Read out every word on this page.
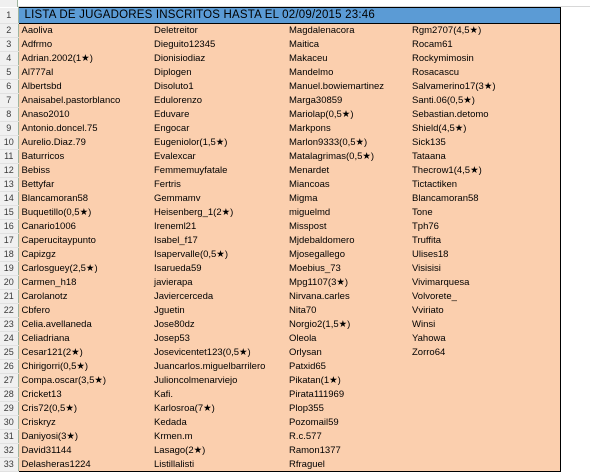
1	LISTA DE JUGADORES INSCRITOS HASTA EL 02/09/2015 23:46				
2	Aaoliva	Deletreitor	Magdalenacora	Rgm2707(4,5★)	
3	Adfrmo	Dieguito12345	Maitica	Rocam61	
4	Adrian.2002(1★)	Dionisiodiaz	Makaceu	Rockymimosin	
5	Al777al	Diplogen	Mandelmo	Rosacascu	
6	Albertsbd	Disoluto1	Manuel.bowiemartinez	Salvamerino17(3★)	
7	Anaisabel.pastorblanco	Edulorenzo	Marga30859	Santi.06(0,5★)	
8	Anaso2010	Eduvare	Mariolap(0,5★)	Sebastian.detomo	
9	Antonio.doncel.75	Engocar	Markpons	Shield(4,5★)	
10	Aurelio.Diaz.79	Eugeniolor(1,5★)	Marlon9333(0,5★)	Sick135	
11	Baturricos	Evalexcar	Matalagrimas(0,5★)	Tataana	
12	Bebiss	Femmemuyfatale	Menardet	Thecrow1(4,5★)	
13	Bettyfar	Fertris	Miancoas	Tictactiken	
14	Blancamoran58	Gemmamv	Migma	Blancamoran58	
15	Buquetillo(0,5★)	Heisenberg_1(2★)	miguelmd	Tone	
16	Canario1006	Ireneml21	Misspost	Tph76	
17	Caperucitaypunto	Isabel_f17	Mjdebaldomero	Truffita	
18	Capizgz	Isapervalle(0,5★)	Mjosegallego	Ulises18	
19	Carlosguey(2,5★)	Isarueda59	Moebius_73	Visisisi	
20	Carmen_h18	javierapa	Mpg1107(3★)	Vivimarquesa	
21	Carolanotz	Javiercerceda	Nirvana.carles	Volvorete_	
22	Cbfero	Jguetin	Nita70	Vviriato	
23	Celia.avellaneda	Jose80dz	Norgio2(1,5★)	Winsi	
24	Celiadriana	Josep53	Oleola	Yahowa	
25	Cesar121(2★)	Josevicentet123(0,5★)	Orlysan	Zorro64	
26	Chirigorri(0,5★)	Juancarlos.miguelbarrilero	Patxid65		
27	Compa.oscar(3,5★)	Julioncolmenarviejo	Pikatan(1★)		
28	Cricket13	Kafi.	Pirata111969		
29	Cris72(0,5★)	Karlosroa(7★)	Plop355		
30	Criskryz	Kedada	Pozomail59		
31	Daniyosi(3★)	Krmen.m	R.c.577		
32	David31144	Lasago(2★)	Ramon1377		
33	Delasheras1224	Listillalisti	Rfraguel		
